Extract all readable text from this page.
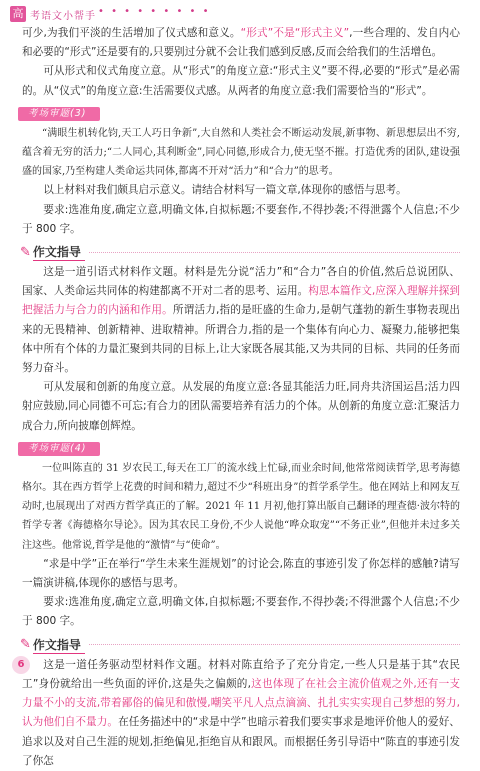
高 考语文小帮手 • • • • • • • • •

可少,为我们平淡的生活增加了仪式感和意义。“形式”不是“形式主义”,一些合理的、发自内心和必要的“形式”还是要有的,只要别过分就不会让我们感到反感,反而会给我们的生活增色。

可从形式和仪式角度立意。从“形式”的角度立意:“形式主义”要不得,必要的“形式”是必需的。从“仪式”的角度立意:生活需要仪式感。从两者的角度立意:我们需要恰当的“形式”。

考场审题(3)

“满眼生机转化钧,天工人巧日争新”,大自然和人类社会不断运动发展,新事物、新思想层出不穷,蕴含着无穷的活力;“二人同心,其利断金”,同心同德,形成合力,使无坚不摧。打造优秀的团队,建设强盛的国家,乃至构建人类命运共同体,都离不开对“活力”和“合力”的思考。

以上材料对我们颇具启示意义。请结合材料写一篇文章,体现你的感悟与思考。

要求:选准角度,确定立意,明确文体,自拟标题;不要套作,不得抄袭;不得泄露个人信息;不少于 800 字。

✎ 作文指导

这是一道引语式材料作文题。材料是先分说“活力”和“合力”各自的价值,然后总说团队、国家、人类命运共同体的构建都离不开对二者的思考、运用。构思本篇作文,应深入理解并探到把握活力与合力的内涵和作用。所谓活力,指的是旺盛的生命力,是朝气蓬勃的新生事物表现出来的无畏精神、创新精神、进取精神。所谓合力,指的是一个集体有向心力、凝聚力,能够把集体中所有个体的力量汇聚到共同的目标上,让大家既各展其能,又为共同的目标、共同的任务而努力奋斗。

可从发展和创新的角度立意。从发展的角度立意:各显其能活力旺,同舟共济国运昌;活力四射应鼓励,同心同德不可忘;有合力的团队需要培养有活力的个体。从创新的角度立意:汇聚活力成合力,所向披靡创辉煌。

考场审题(4)

一位叫陈直的 31 岁农民工,每天在工厂的流水线上忙碌,而业余时间,他常常阅读哲学,思考海德格尔。其在西方哲学上花费的时间和精力,超过不少“科班出身”的哲学系学生。他在网站上和网友互动时,也展现出了对西方哲学真正的了解。2021 年 11 月初,他打算出版自己翻译的理查德·波尔特的哲学专著《海德格尔导论》。因为其农民工身份,不少人说他“哗众取宠”“不务正业”,但他并未过多关注这些。他常说,哲学是他的“激情”与“使命”。

“求是中学”正在举行“学生未来生涯规划”的讨论会,陈直的事迹引发了你怎样的感触?请写一篇演讲稿,体现你的感悟与思考。

要求:选准角度,确定立意,明确文体,自拟标题;不要套作,不得抄袭;不得泄露个人信息;不少于 800 字。

✎ 作文指导

这是一道任务驱动型材料作文题。材料对陈直给予了充分肯定,一些人只是基于其“农民工”身份就给出一些负面的评价,这是失之偏颇的,这也体现了在社会主流价值观之外,还有一支力量不小的支流,带着鄙俗的偏见和傲慢,嘲笑平凡人点点滴滴、扎扎实实实现自己梦想的努力,认为他们自不量力。在任务描述中的“求是中学”也暗示着我们要实事求是地评价他人的爱好、追求以及对自己生涯的规划,拒绝偏见,拒绝盲从和跟风。而根据任务引导语中“陈直的事迹引发了你怎

6
